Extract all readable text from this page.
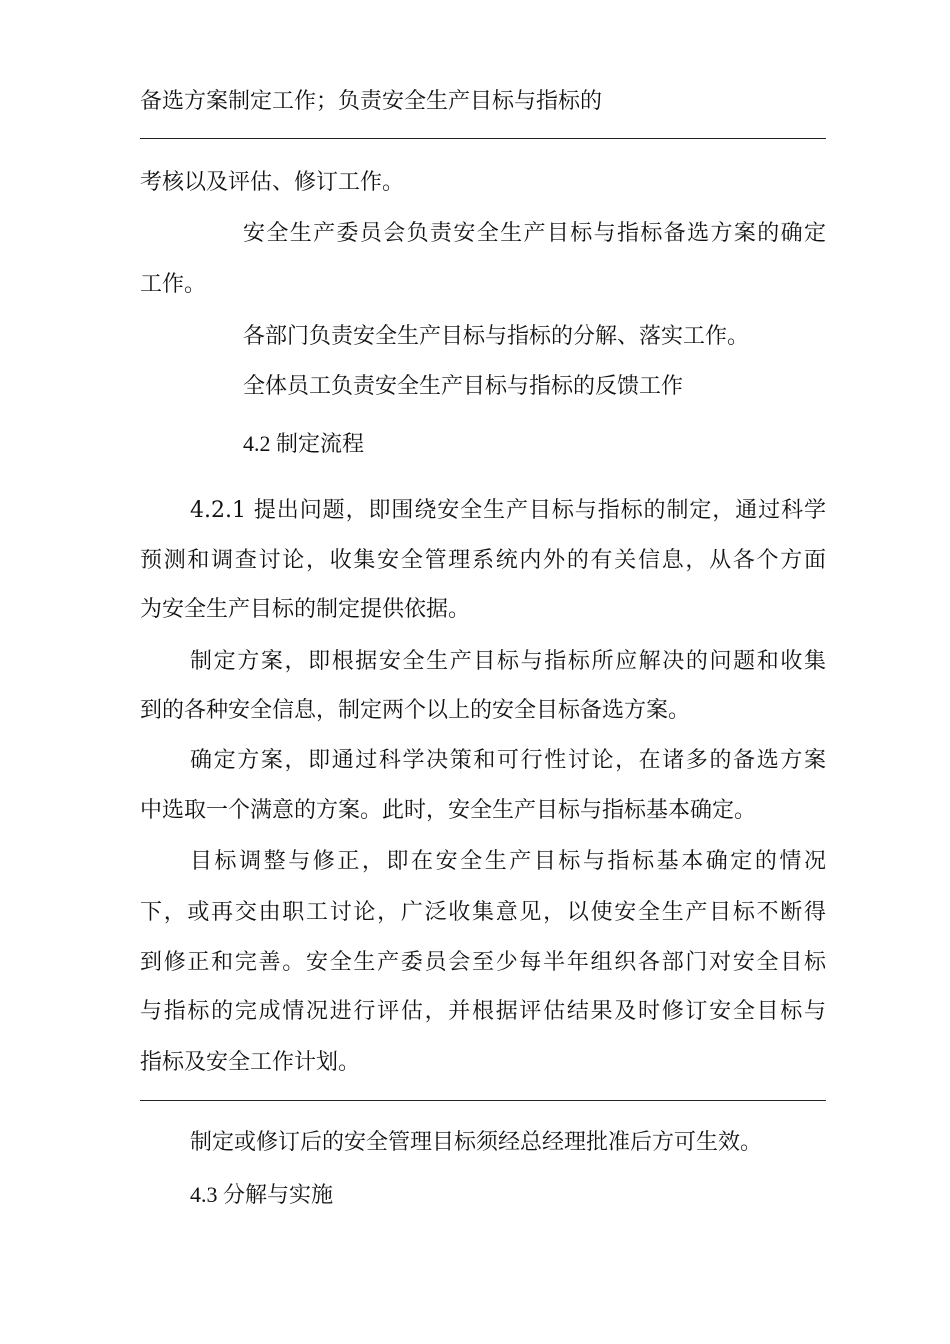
备选方案制定工作；负责安全生产目标与指标的
考核以及评估、修订工作。
安全生产委员会负责安全生产目标与指标备选方案的确定
工作。
各部门负责安全生产目标与指标的分解、落实工作。
全体员工负责安全生产目标与指标的反馈工作
4.2 制定流程
4.2.1 提出问题，即围绕安全生产目标与指标的制定，通过科学
预测和调查讨论，收集安全管理系统内外的有关信息，从各个方面
为安全生产目标的制定提供依据。
制定方案，即根据安全生产目标与指标所应解决的问题和收集
到的各种安全信息，制定两个以上的安全目标备选方案。
确定方案，即通过科学决策和可行性讨论，在诸多的备选方案
中选取一个满意的方案。此时，安全生产目标与指标基本确定。
目标调整与修正，即在安全生产目标与指标基本确定的情况
下，或再交由职工讨论，广泛收集意见，以使安全生产目标不断得
到修正和完善。安全生产委员会至少每半年组织各部门对安全目标
与指标的完成情况进行评估，并根据评估结果及时修订安全目标与
指标及安全工作计划。
制定或修订后的安全管理目标须经总经理批准后方可生效。
4.3 分解与实施
